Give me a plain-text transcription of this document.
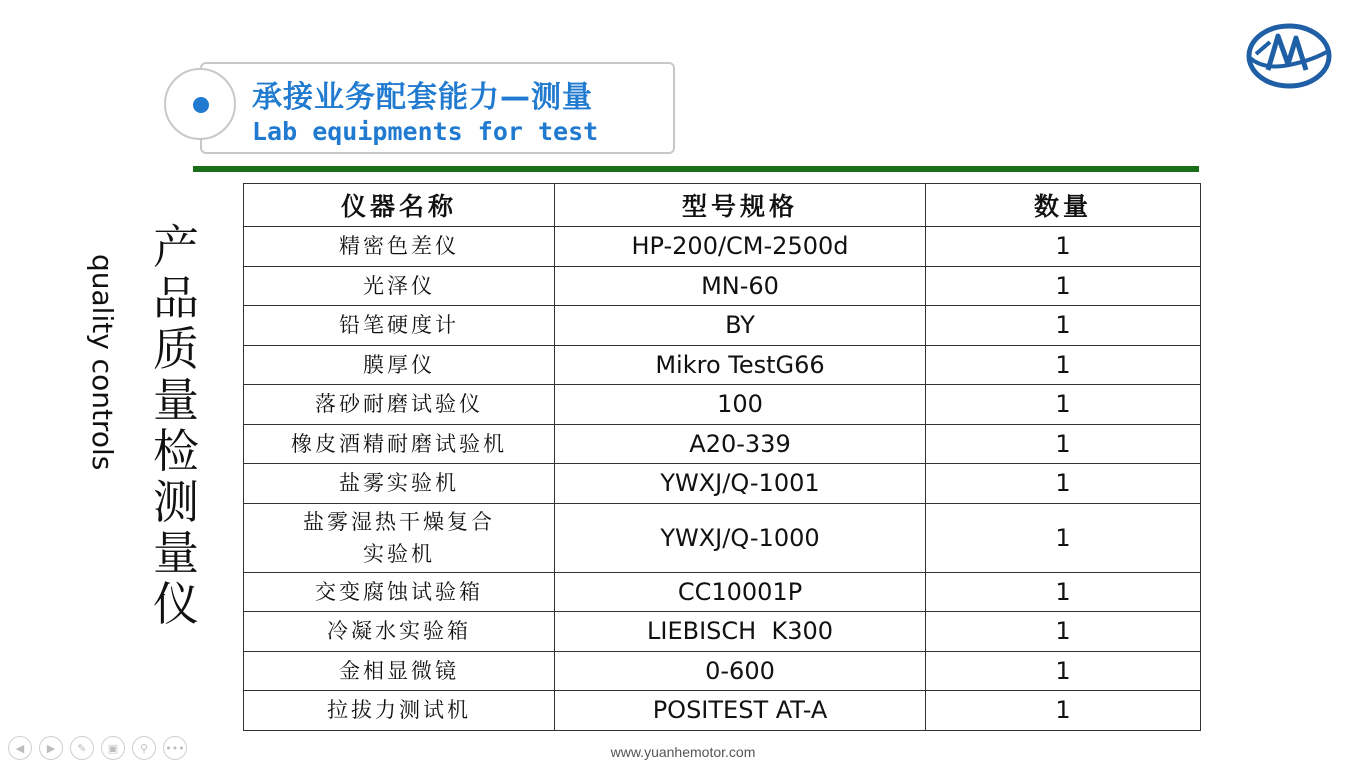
承接业务配套能力—测量
Lab equipments for test
产
品
质
量
检
测
量
仪
quality controls
仪器名称	型号规格	数量
精密色差仪	HP-200/CM-2500d	1
光泽仪	MN-60	1
铅笔硬度计	BY	1
膜厚仪	Mikro TestG66	1
落砂耐磨试验仪	100	1
橡皮酒精耐磨试验机	A20-339	1
盐雾实验机	YWXJ/Q-1001	1

盐雾湿热干燥复合
实验机	YWXJ/Q-1000	1
交变腐蚀试验箱	CC10001P	1
冷凝水实验箱	LIEBISCH  K300	1
金相显微镜	0-600	1
拉拔力测试机	POSITEST AT-A	1
www.yuanhemotor.com
◀	▶	✎	▣	⚲	•••
